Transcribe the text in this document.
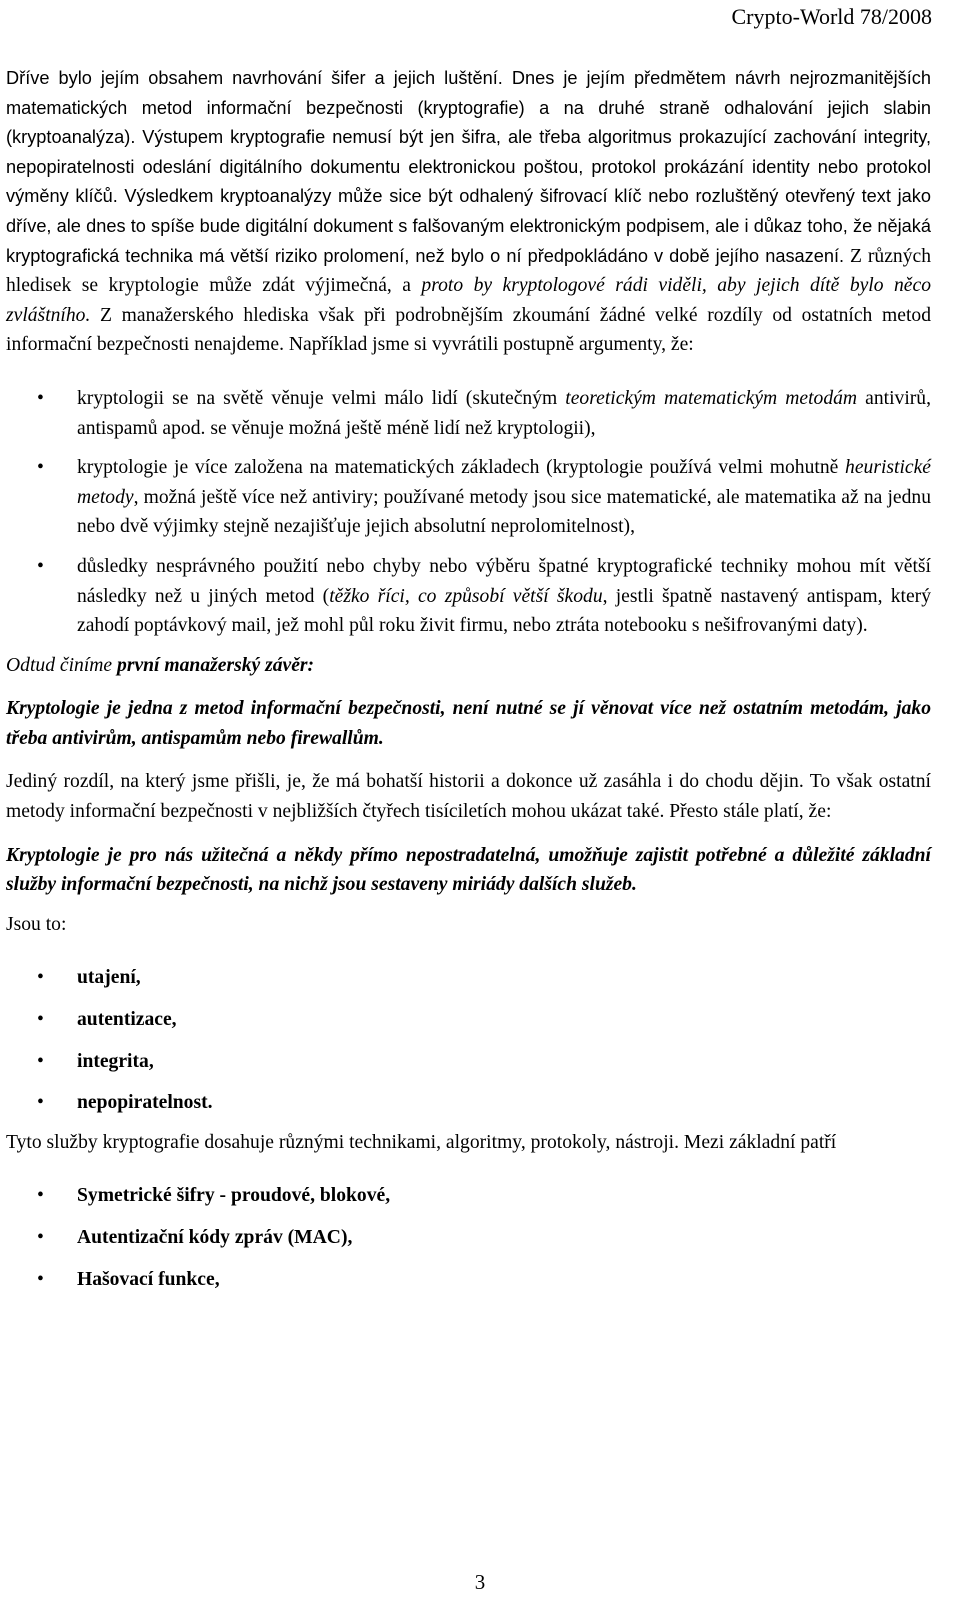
Crypto-World 78/2008

Dříve bylo jejím obsahem navrhování šifer a jejich luštění. Dnes je jejím předmětem návrh nejrozmanitějších matematických metod informační bezpečnosti (kryptografie) a na druhé straně odhalování jejich slabin (kryptoanalýza). Výstupem kryptografie nemusí být jen šifra, ale třeba algoritmus prokazující zachování integrity, nepopiratelnosti odeslání digitálního dokumentu elektronickou poštou, protokol prokázání identity nebo protokol výměny klíčů. Výsledkem kryptoanalýzy může sice být odhalený šifrovací klíč nebo rozluštěný otevřený text jako dříve, ale dnes to spíše bude digitální dokument s falšovaným elektronickým podpisem, ale i důkaz toho, že nějaká kryptografická technika má větší riziko prolomení, než bylo o ní předpokládáno v době jejího nasazení. Z různých hledisek se kryptologie může zdát výjimečná, a proto by kryptologové rádi viděli, aby jejich dítě bylo něco zvláštního. Z manažerského hlediska však při podrobnějším zkoumání žádné velké rozdíly od ostatních metod informační bezpečnosti nenajdeme. Například jsme si vyvrátili postupně argumenty, že:

• kryptologii se na světě věnuje velmi málo lidí (skutečným teoretickým matematickým metodám antivirů, antispamů apod. se věnuje možná ještě méně lidí než kryptologii),
• kryptologie je více založena na matematických základech (kryptologie používá velmi mohutně heuristické metody, možná ještě více než antiviry; používané metody jsou sice matematické, ale matematika až na jednu nebo dvě výjimky stejně nezajišťuje jejich absolutní neprolomitelnost),
• důsledky nesprávného použití nebo chyby nebo výběru špatné kryptografické techniky mohou mít větší následky než u jiných metod (těžko říci, co způsobí větší škodu, jestli špatně nastavený antispam, který zahodí poptávkový mail, jež mohl půl roku živit firmu, nebo ztráta notebooku s nešifrovanými daty).

Odtud činíme první manažerský závěr:

Kryptologie je jedna z metod informační bezpečnosti, není nutné se jí věnovat více než ostatním metodám, jako třeba antivirům, antispamům nebo firewallům.

Jediný rozdíl, na který jsme přišli, je, že má bohatší historii a dokonce už zasáhla i do chodu dějin. To však ostatní metody informační bezpečnosti v nejbližších čtyřech tisíciletích mohou ukázat také. Přesto stále platí, že:

Kryptologie je pro nás užitečná a někdy přímo nepostradatelná, umožňuje zajistit potřebné a důležité základní služby informační bezpečnosti, na nichž jsou sestaveny miriády dalších služeb.

Jsou to:

• utajení,
• autentizace,
• integrita,
• nepopiratelnost.

Tyto služby kryptografie dosahuje různými technikami, algoritmy, protokoly, nástroji. Mezi základní patří

• Symetrické šifry - proudové, blokové,
• Autentizační kódy zpráv (MAC),
• Hašovací funkce,
3
